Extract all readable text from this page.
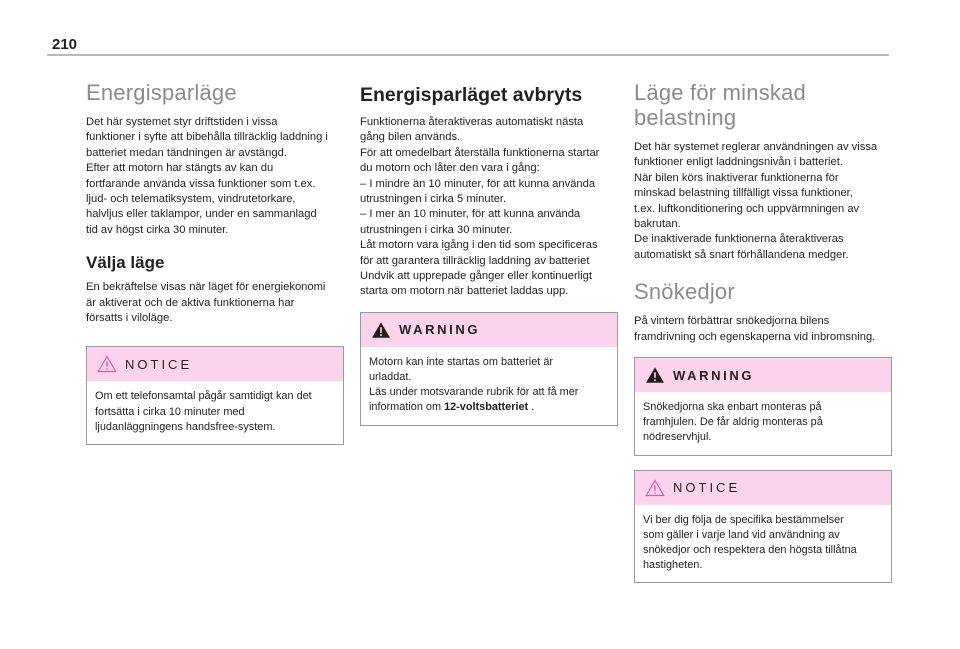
210
Energisparläge

Det här systemet styr driftstiden i vissa
funktioner i syfte att bibehålla tillräcklig laddning i
batteriet medan tändningen är avstängd.
Efter att motorn har stängts av kan du
fortfarande använda vissa funktioner som t.ex.
ljud- och telematiksystem, vindrutetorkare,
halvljus eller taklampor, under en sammanlagd
tid av högst cirka 30 minuter.

Välja läge

En bekräftelse visas när läget för energiekonomi
är aktiverat och de aktiva funktionerna har
försatts i viloläge.

NOTICE

Om ett telefonsamtal pågår samtidigt kan det
fortsätta i cirka 10 minuter med
ljudanläggningens handsfree-system.

Energisparläget avbryts

Funktionerna återaktiveras automatiskt nästa
gång bilen används.
För att omedelbart återställa funktionerna startar
du motorn och låter den vara i gång:
– I mindre än 10 minuter, för att kunna använda
utrustningen i cirka 5 minuter.
– I mer än 10 minuter, för att kunna använda
utrustningen i cirka 30 minuter.
Låt motorn vara igång i den tid som specificeras
för att garantera tillräcklig laddning av batteriet
Undvik att upprepade gånger eller kontinuerligt
starta om motorn när batteriet laddas upp.

WARNING

Motorn kan inte startas om batteriet är
urladdat.
Läs under motsvarande rubrik för att få mer
information om 12-voltsbatteriet .

Läge för minskad
belastning

Det här systemet reglerar användningen av vissa
funktioner enligt laddningsnivån i batteriet.
När bilen körs inaktiverar funktionerna för
minskad belastning tillfälligt vissa funktioner,
t.ex. luftkonditionering och uppvärmningen av
bakrutan.
De inaktiverade funktionerna återaktiveras
automatiskt så snart förhållandena medger.

Snökedjor

På vintern förbättrar snökedjorna bilens
framdrivning och egenskaperna vid inbromsning.

WARNING

Snökedjorna ska enbart monteras på
framhjulen. De får aldrig monteras på
nödreservhjul.

NOTICE

Vi ber dig följa de specifika bestämmelser
som gäller i varje land vid användning av
snökedjor och respektera den högsta tillåtna
hastigheten.
